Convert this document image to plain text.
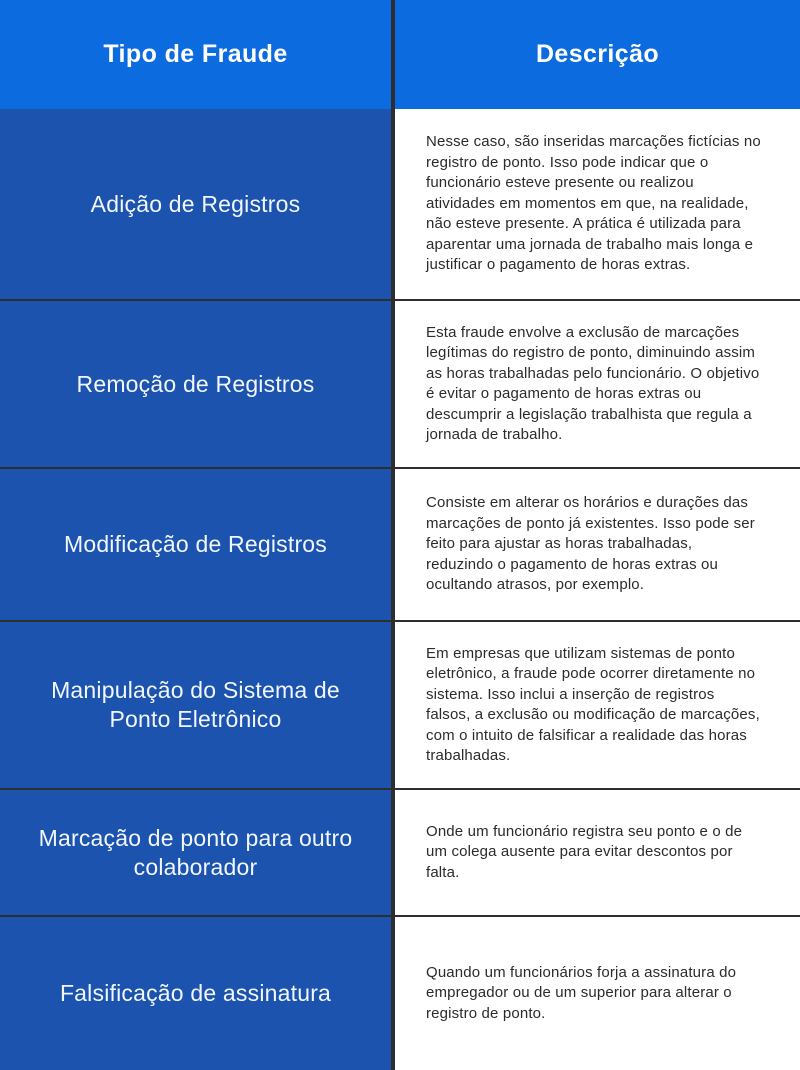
Tipo de Fraude	Descrição
Adição de Registros
Nesse caso, são inseridas marcações fictícias no registro de ponto. Isso pode indicar que o funcionário esteve presente ou realizou atividades em momentos em que, na realidade, não esteve presente. A prática é utilizada para aparentar uma jornada de trabalho mais longa e justificar o pagamento de horas extras.
Remoção de Registros
Esta fraude envolve a exclusão de marcações legítimas do registro de ponto, diminuindo assim as horas trabalhadas pelo funcionário. O objetivo é evitar o pagamento de horas extras ou descumprir a legislação trabalhista que regula a jornada de trabalho.
Modificação de Registros
Consiste em alterar os horários e durações das marcações de ponto já existentes. Isso pode ser feito para ajustar as horas trabalhadas, reduzindo o pagamento de horas extras ou ocultando atrasos, por exemplo.
Manipulação do Sistema de Ponto Eletrônico
Em empresas que utilizam sistemas de ponto eletrônico, a fraude pode ocorrer diretamente no sistema. Isso inclui a inserção de registros falsos, a exclusão ou modificação de marcações, com o intuito de falsificar a realidade das horas trabalhadas.
Marcação de ponto para outro colaborador
Onde um funcionário registra seu ponto e o de um colega ausente para evitar descontos por falta.
Falsificação de assinatura
Quando um funcionários forja a assinatura do empregador ou de um superior para alterar o registro de ponto.
